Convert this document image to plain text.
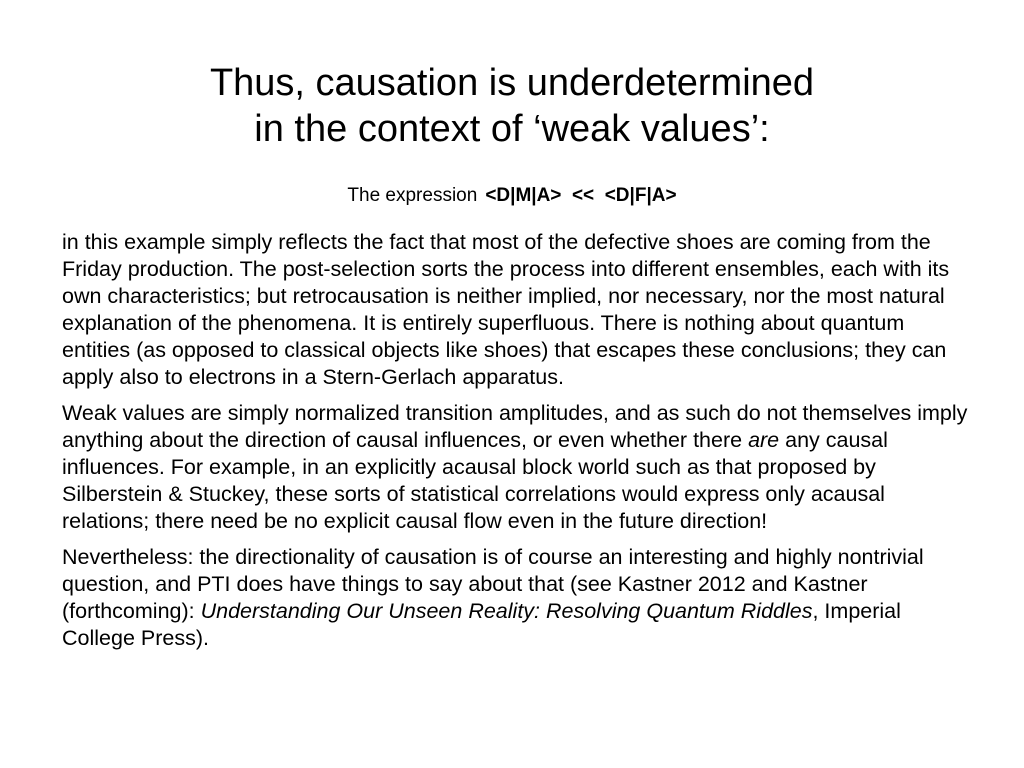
Thus, causation is underdetermined
in the context of ‘weak values’:
The expression <D|M|A>  <<  <D|F|A>

in this example simply reflects the fact that most of the defective shoes are coming from the Friday production. The post-selection sorts the process into different ensembles, each with its own characteristics; but retrocausation is neither implied, nor necessary, nor the most natural explanation of the phenomena. It is entirely superfluous. There is nothing about quantum entities (as opposed to classical objects like shoes) that escapes these conclusions; they can apply also to electrons in a Stern-Gerlach apparatus.

Weak values are simply normalized transition amplitudes, and as such do not themselves imply anything about the direction of causal influences, or even whether there are any causal influences. For example, in an explicitly acausal block world such as that proposed by Silberstein & Stuckey, these sorts of statistical correlations would express only acausal relations; there need be no explicit causal flow even in the future direction!

Nevertheless: the directionality of causation is of course an interesting and highly nontrivial question, and PTI does have things to say about that (see Kastner 2012 and Kastner (forthcoming): Understanding Our Unseen Reality: Resolving Quantum Riddles, Imperial College Press).
